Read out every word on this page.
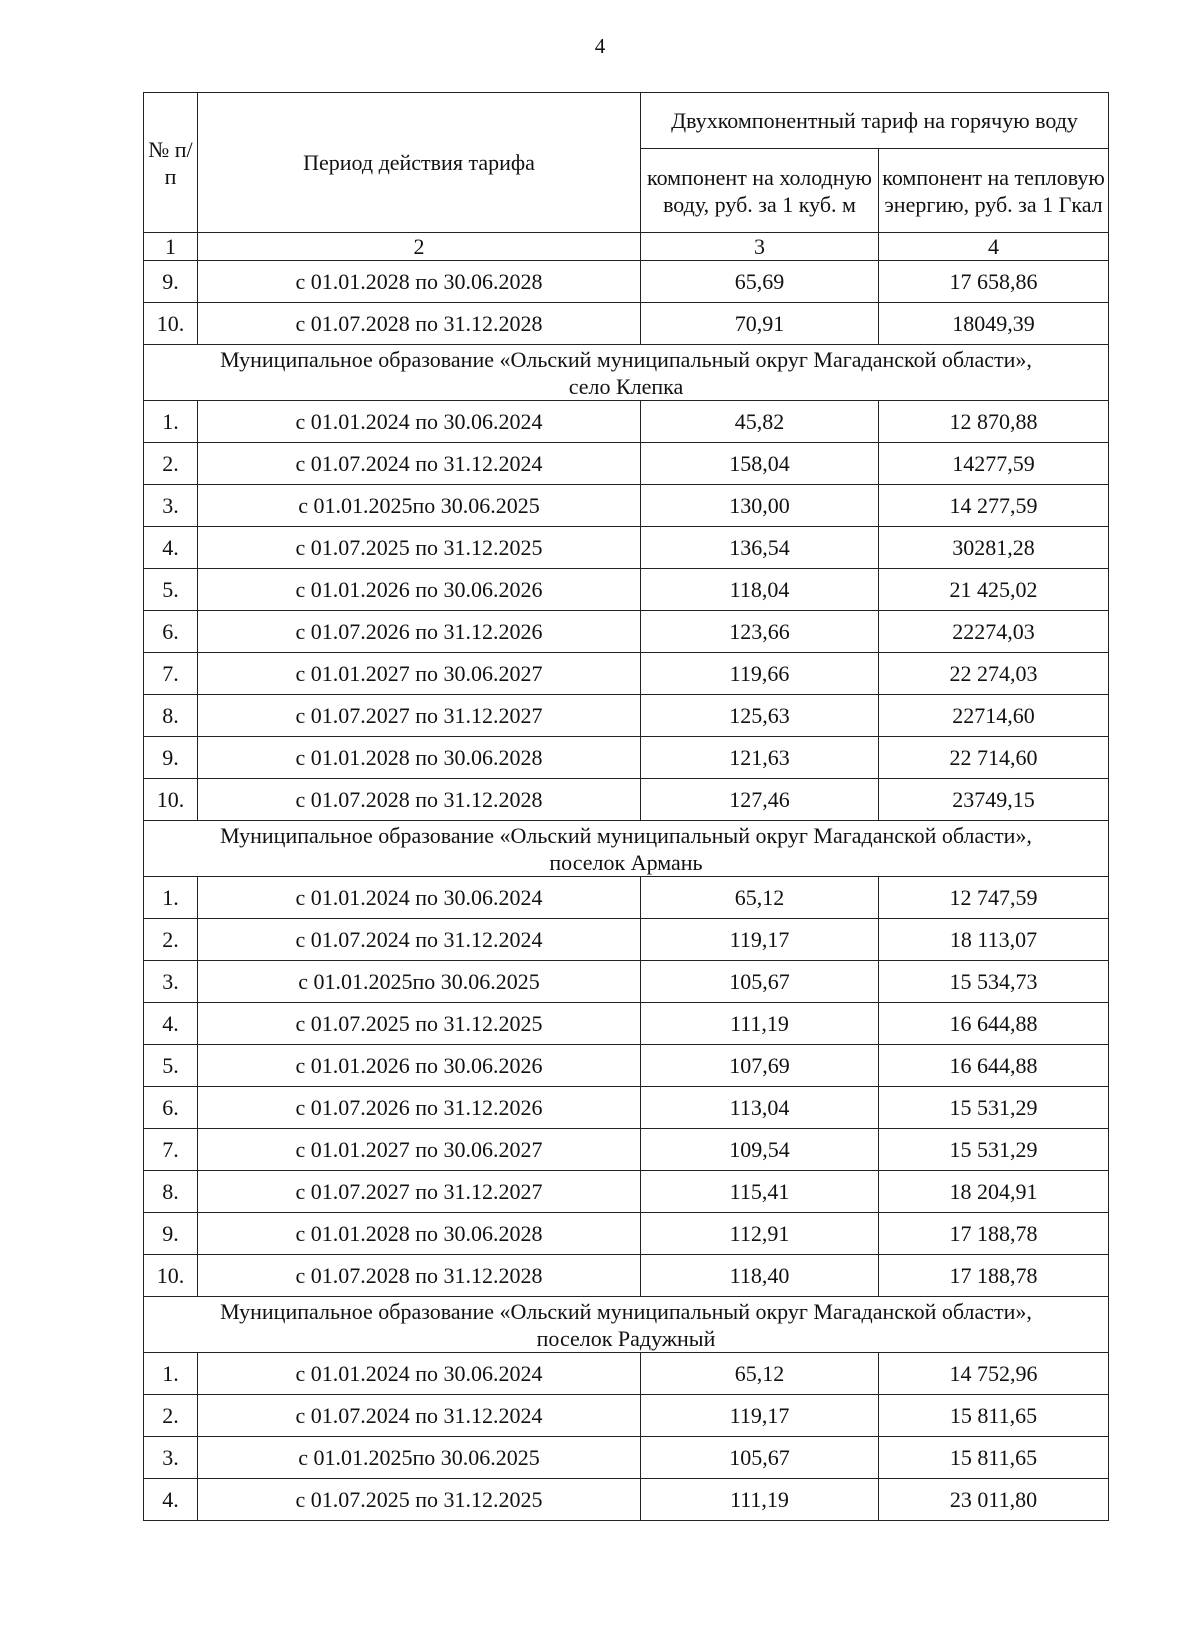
4
№ п/п	Период действия тарифа	Двухкомпонентный тариф на горячую воду	
		компонент на холодную воду, руб. за 1 куб. м	компонент на тепловую энергию, руб. за 1 Гкал
1	2	3	4
9.	с 01.01.2028 по 30.06.2028	65,69	17 658,86
10.	с 01.07.2028 по 31.12.2028	70,91	18049,39

Муниципальное образование «Ольский муниципальный округ Магаданской области»,
село Клепка			

1.	с 01.01.2024 по 30.06.2024	45,82	12 870,88
2.	с 01.07.2024 по 31.12.2024	158,04	14277,59
3.	с 01.01.2025по 30.06.2025	130,00	14 277,59
4.	с 01.07.2025 по 31.12.2025	136,54	30281,28
5.	с 01.01.2026 по 30.06.2026	118,04	21 425,02
6.	с 01.07.2026 по 31.12.2026	123,66	22274,03
7.	с 01.01.2027 по 30.06.2027	119,66	22 274,03
8.	с 01.07.2027 по 31.12.2027	125,63	22714,60
9.	с 01.01.2028 по 30.06.2028	121,63	22 714,60
10.	с 01.07.2028 по 31.12.2028	127,46	23749,15

Муниципальное образование «Ольский муниципальный округ Магаданской области»,
поселок Армань			

1.	с 01.01.2024 по 30.06.2024	65,12	12 747,59
2.	с 01.07.2024 по 31.12.2024	119,17	18 113,07
3.	с 01.01.2025по 30.06.2025	105,67	15 534,73
4.	с 01.07.2025 по 31.12.2025	111,19	16 644,88
5.	с 01.01.2026 по 30.06.2026	107,69	16 644,88
6.	с 01.07.2026 по 31.12.2026	113,04	15 531,29
7.	с 01.01.2027 по 30.06.2027	109,54	15 531,29
8.	с 01.07.2027 по 31.12.2027	115,41	18 204,91
9.	с 01.01.2028 по 30.06.2028	112,91	17 188,78
10.	с 01.07.2028 по 31.12.2028	118,40	17 188,78

Муниципальное образование «Ольский муниципальный округ Магаданской области»,
поселок Радужный			

1.	с 01.01.2024 по 30.06.2024	65,12	14 752,96
2.	с 01.07.2024 по 31.12.2024	119,17	15 811,65
3.	с 01.01.2025по 30.06.2025	105,67	15 811,65
4.	с 01.07.2025 по 31.12.2025	111,19	23 011,80
